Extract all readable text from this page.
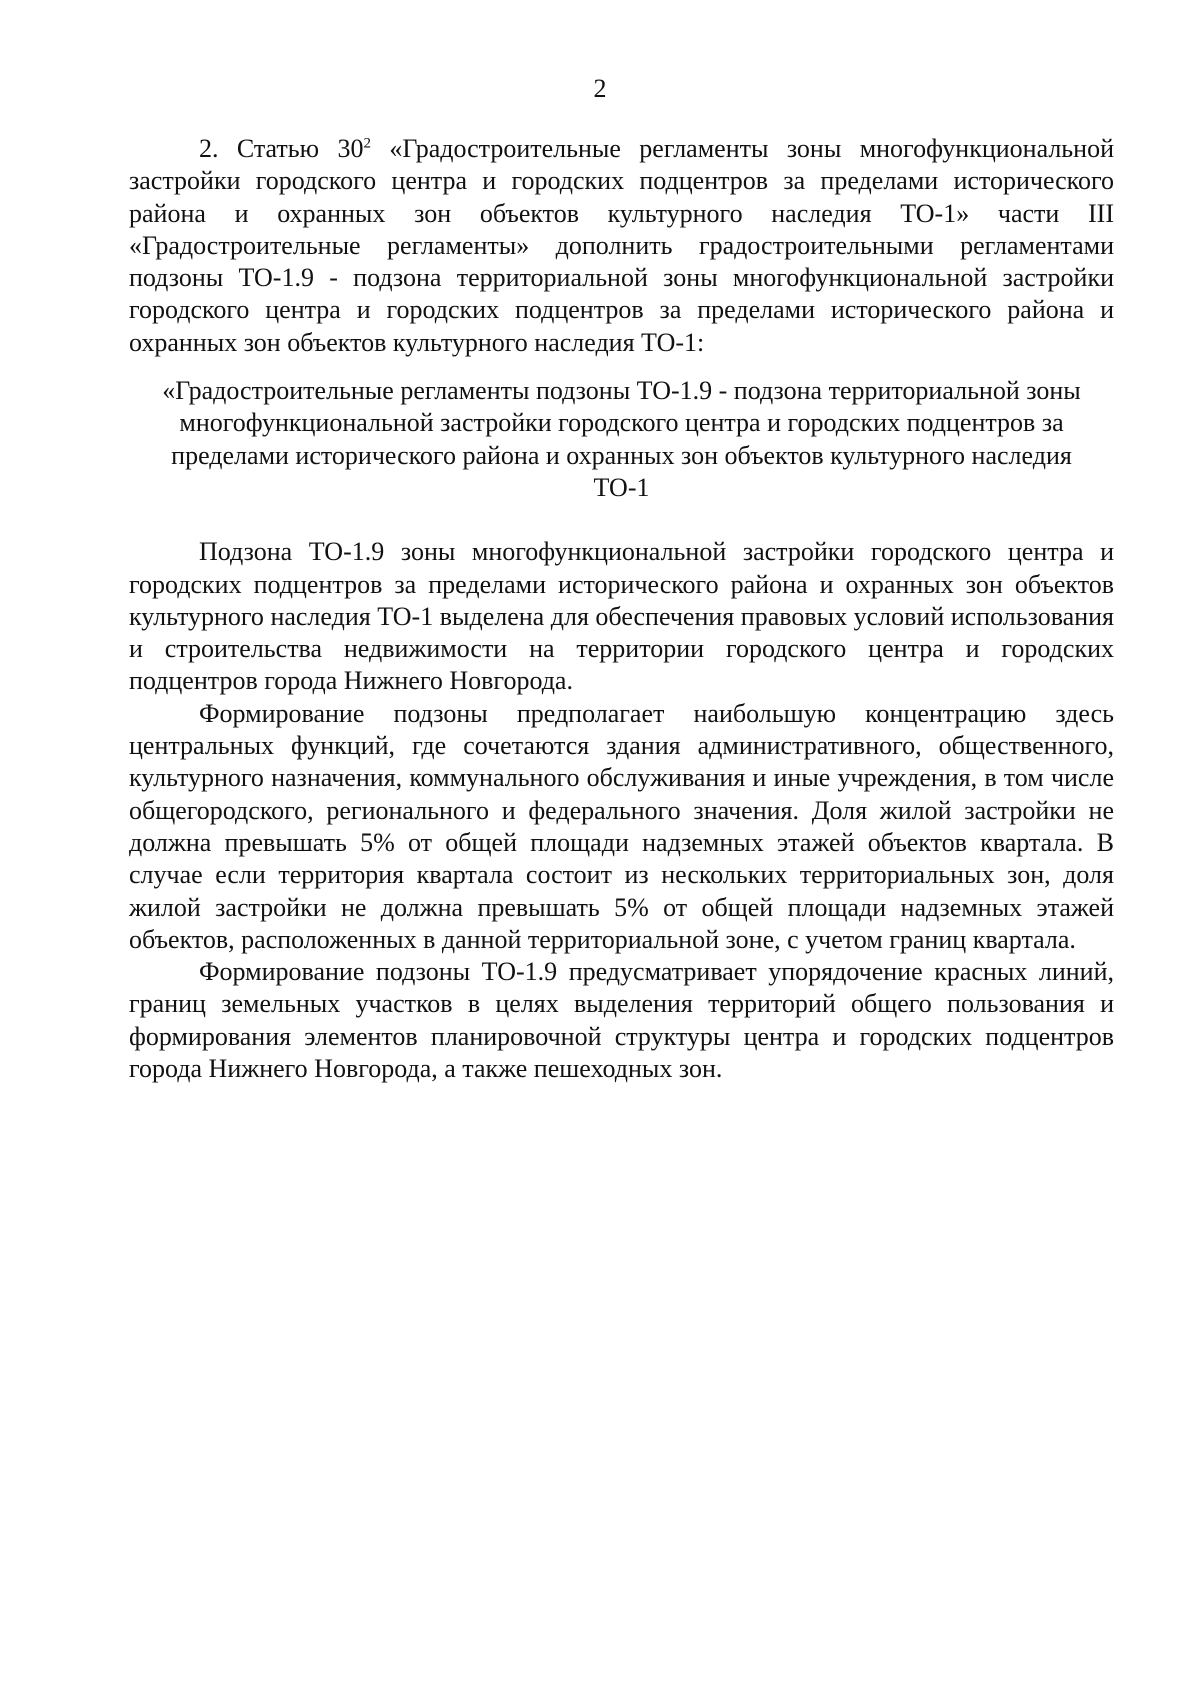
2

2. Статью $30^2$ «Градостроительные регламенты зоны многофункциональной застройки городского центра и городских подцентров за пределами исторического района и охранных зон объектов культурного наследия ТО-1» части III «Градостроительные регламенты» дополнить градостроительными регламентами подзоны ТО-1.9 - подзона территориальной зоны многофункциональной застройки городского центра и городских подцентров за пределами исторического района и охранных зон объектов культурного наследия ТО-1:

«Градостроительные регламенты подзоны ТО-1.9 - подзона территориальной зоны многофункциональной застройки городского центра и городских подцентров за пределами исторического района и охранных зон объектов культурного наследия ТО-1

Подзона ТО-1.9 зоны многофункциональной застройки городского центра и городских подцентров за пределами исторического района и охранных зон объектов культурного наследия ТО-1 выделена для обеспечения правовых условий использования и строительства недвижимости на территории городского центра и городских подцентров города Нижнего Новгорода.

Формирование подзоны предполагает наибольшую концентрацию здесь центральных функций, где сочетаются здания административного, общественного, культурного назначения, коммунального обслуживания и иные учреждения, в том числе общегородского, регионального и федерального значения. Доля жилой застройки не должна превышать 5% от общей площади надземных этажей объектов квартала. В случае если территория квартала состоит из нескольких территориальных зон, доля жилой застройки не должна превышать 5% от общей площади надземных этажей объектов, расположенных в данной территориальной зоне, с учетом границ квартала.

Формирование подзоны ТО-1.9 предусматривает упорядочение красных линий, границ земельных участков в целях выделения территорий общего пользования и формирования элементов планировочной структуры центра и городских подцентров города Нижнего Новгорода, а также пешеходных зон.
